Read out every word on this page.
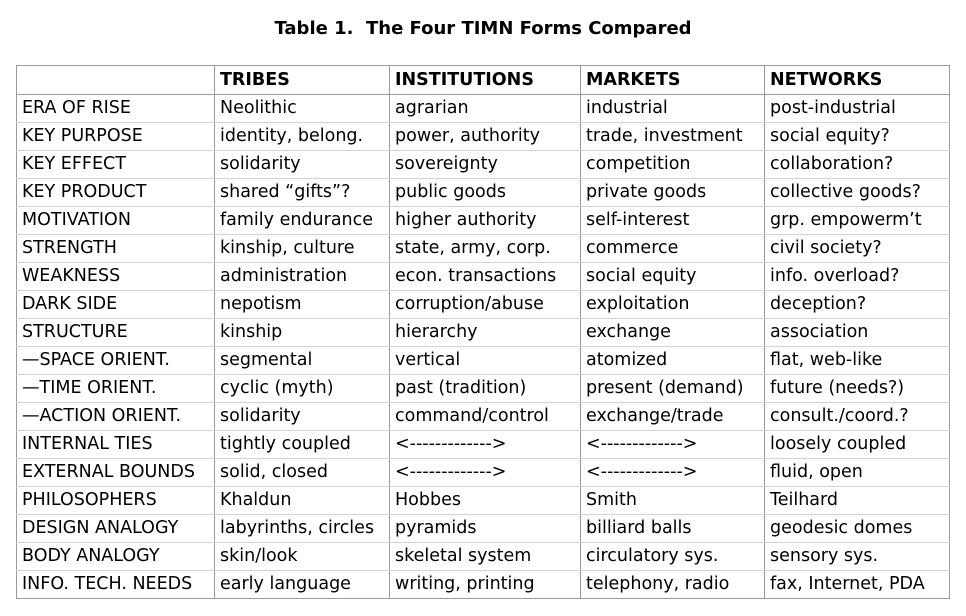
Table 1.  The Four TIMN Forms Compared
	TRIBES	INSTITUTIONS	MARKETS	NETWORKS
ERA OF RISE	Neolithic	agrarian	industrial	post-industrial
KEY PURPOSE	identity, belong.	power, authority	trade, investment	social equity?
KEY EFFECT	solidarity	sovereignty	competition	collaboration?
KEY PRODUCT	shared “gifts”?	public goods	private goods	collective goods?
MOTIVATION	family endurance	higher authority	self-interest	grp. empowerm’t
STRENGTH	kinship, culture	state, army, corp.	commerce	civil society?
WEAKNESS	administration	econ. transactions	social equity	info. overload?
DARK SIDE	nepotism	corruption/abuse	exploitation	deception?
STRUCTURE	kinship	hierarchy	exchange	association
—SPACE ORIENT.	segmental	vertical	atomized	flat, web-like
—TIME ORIENT.	cyclic (myth)	past (tradition)	present (demand)	future (needs?)
—ACTION ORIENT.	solidarity	command/control	exchange/trade	consult./coord.?
INTERNAL TIES	tightly coupled	<------------->	<------------->	loosely coupled
EXTERNAL BOUNDS	solid, closed	<------------->	<------------->	fluid, open
PHILOSOPHERS	Khaldun	Hobbes	Smith	Teilhard
DESIGN ANALOGY	labyrinths, circles	pyramids	billiard balls	geodesic domes
BODY ANALOGY	skin/look	skeletal system	circulatory sys.	sensory sys.
INFO. TECH. NEEDS	early language	writing, printing	telephony, radio	fax, Internet, PDA
